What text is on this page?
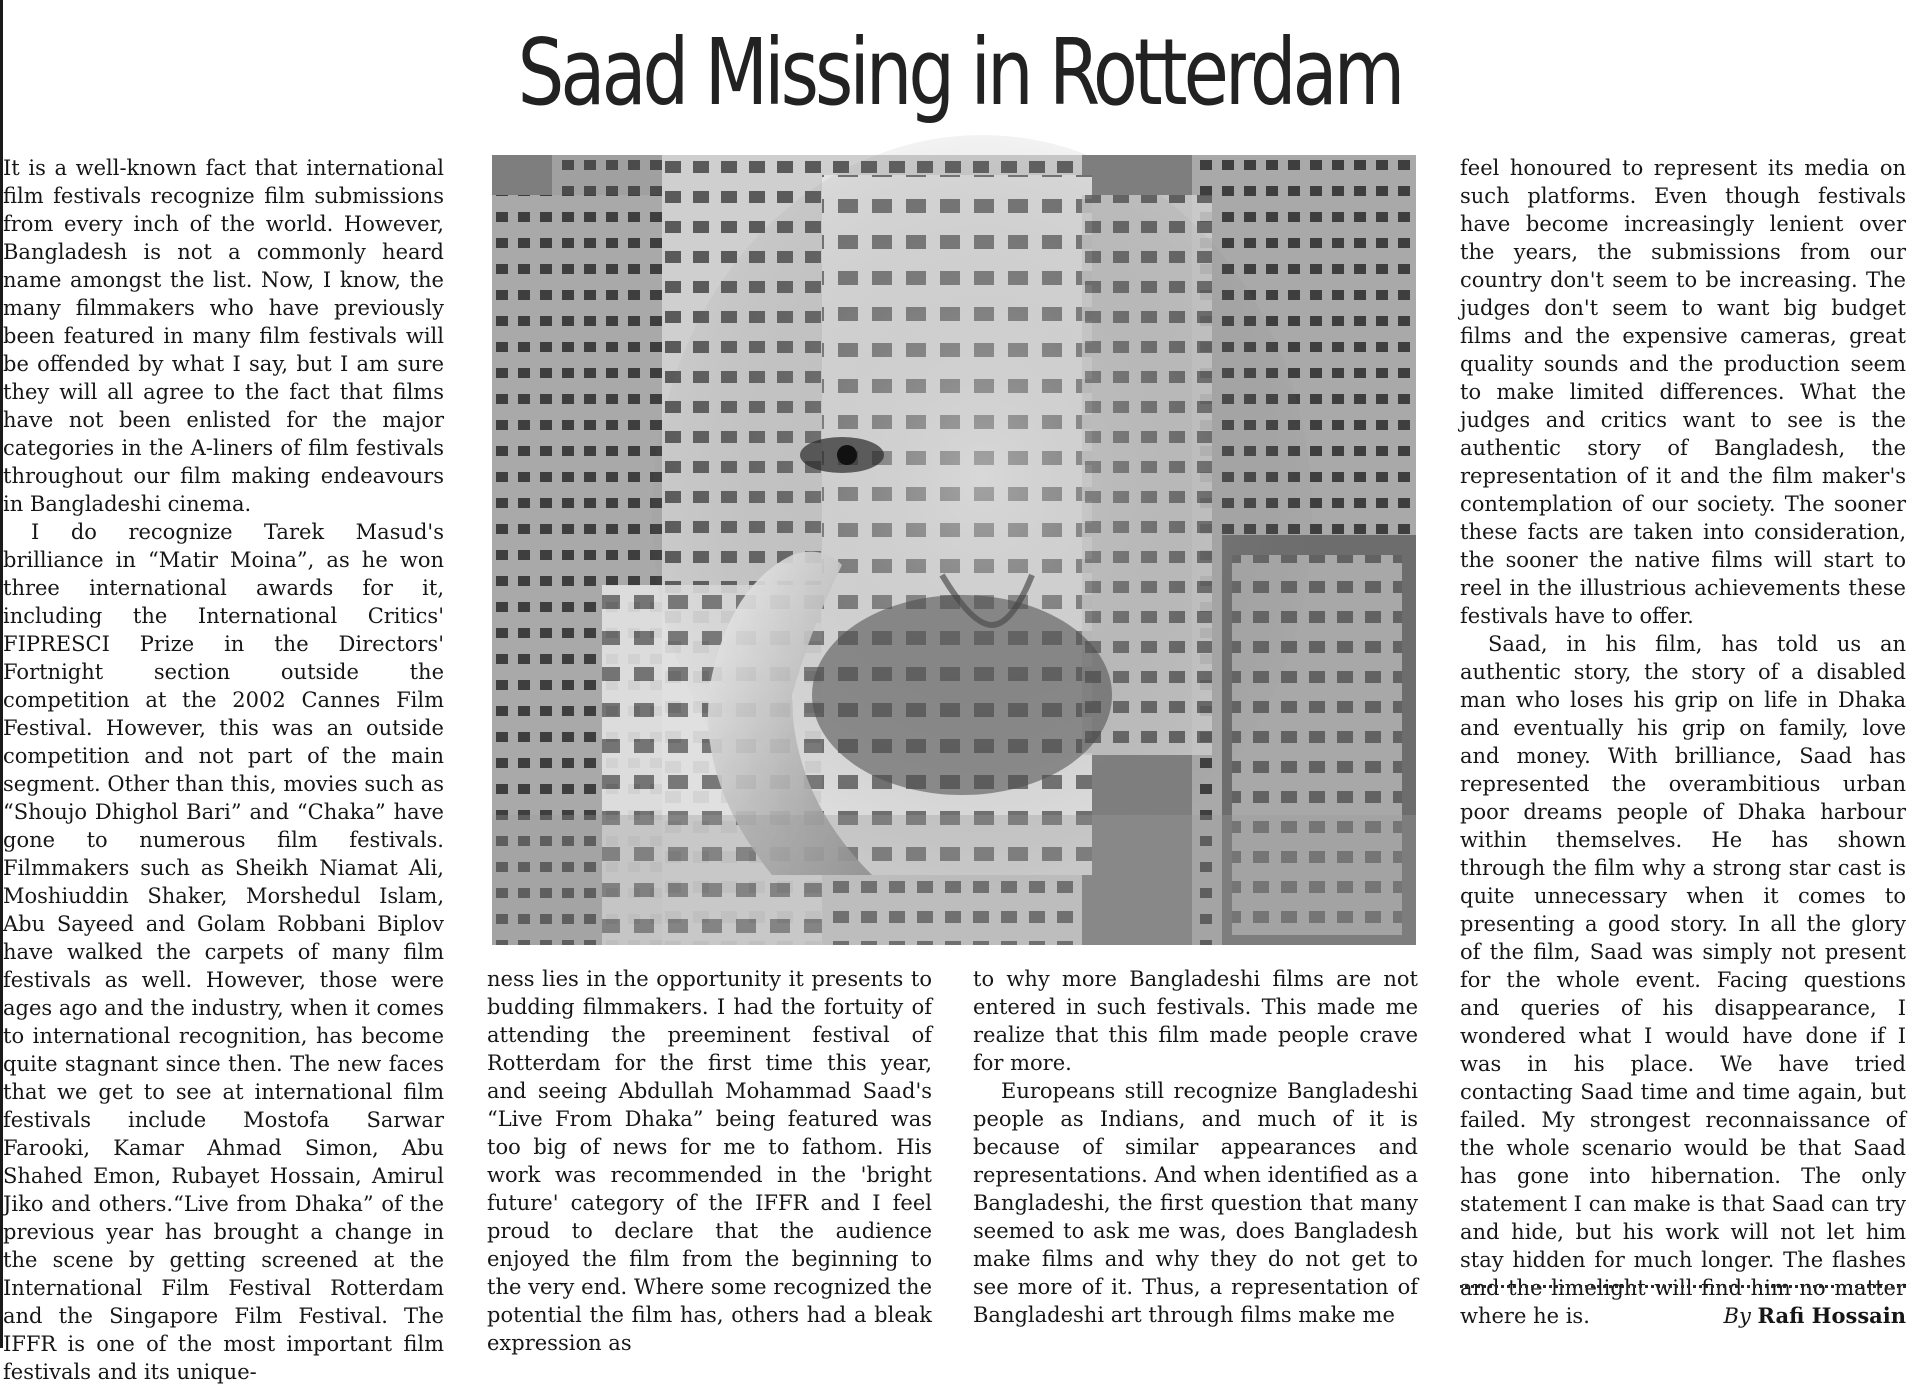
Saad Missing in Rotterdam

It is a well-known fact that international film festivals recognize film submissions from every inch of the world. However, Bangladesh is not a commonly heard name amongst the list. Now, I know, the many filmmakers who have previously been featured in many film festivals will be offended by what I say, but I am sure they will all agree to the fact that films have not been enlisted for the major categories in the A-liners of film festivals throughout our film making endeavours in Bangladeshi cinema.

I do recognize Tarek Masud's brilliance in “Matir Moina”, as he won three international awards for it, including the International Critics' FIPRESCI Prize in the Directors' Fortnight section outside the competition at the 2002 Cannes Film Festival. However, this was an outside competition and not part of the main segment. Other than this, movies such as “Shoujo Dhighol Bari” and “Chaka” have gone to numerous film festivals. Filmmakers such as Sheikh Niamat Ali, Moshiuddin Shaker, Morshedul Islam, Abu Sayeed and Golam Robbani Biplov have walked the carpets of many film festivals as well. However, those were ages ago and the industry, when it comes to international recognition, has become quite stagnant since then. The new faces that we get to see at international film festivals include Mostofa Sarwar Farooki, Kamar Ahmad Simon, Abu Shahed Emon, Rubayet Hossain, Amirul Jiko and others.“Live from Dhaka” of the previous year has brought a change in the scene by getting screened at the International Film Festival Rotterdam and the Singapore Film Festival. The IFFR is one of the most important film festivals and its unique-

ness lies in the opportunity it presents to budding filmmakers. I had the fortuity of attending the preeminent festival of Rotterdam for the first time this year, and seeing Abdullah Mohammad Saad's “Live From Dhaka” being featured was too big of news for me to fathom. His work was recommended in the 'bright future' category of the IFFR and I feel proud to declare that the audience enjoyed the film from the beginning to the very end. Where some recognized the potential the film has, others had a bleak expression as

to why more Bangladeshi films are not entered in such festivals. This made me realize that this film made people crave for more.

Europeans still recognize Bangladeshi people as Indians, and much of it is because of similar appearances and representations. And when identified as a Bangladeshi, the first question that many seemed to ask me was, does Bangladesh make films and why they do not get to see more of it. Thus, a representation of Bangladeshi art through films make me

feel honoured to represent its media on such platforms. Even though festivals have become increasingly lenient over the years, the submissions from our country don't seem to be increasing. The judges don't seem to want big budget films and the expensive cameras, great quality sounds and the production seem to make limited differences. What the judges and critics want to see is the authentic story of Bangladesh, the representation of it and the film maker's contemplation of our society. The sooner these facts are taken into consideration, the sooner the native films will start to reel in the illustrious achievements these festivals have to offer.

Saad, in his film, has told us an authentic story, the story of a disabled man who loses his grip on life in Dhaka and eventually his grip on family, love and money. With brilliance, Saad has represented the overambitious urban poor dreams people of Dhaka harbour within themselves. He has shown through the film why a strong star cast is quite unnecessary when it comes to presenting a good story. In all the glory of the film, Saad was simply not present for the whole event. Facing questions and queries of his disappearance, I wondered what I would have done if I was in his place. We have tried contacting Saad time and time again, but failed. My strongest reconnaissance of the whole scenario would be that Saad has gone into hibernation. The only statement I can make is that Saad can try and hide, but his work will not let him stay hidden for much longer. The flashes and the limelight will find him no matter where he is.	By Rafi Hossain
